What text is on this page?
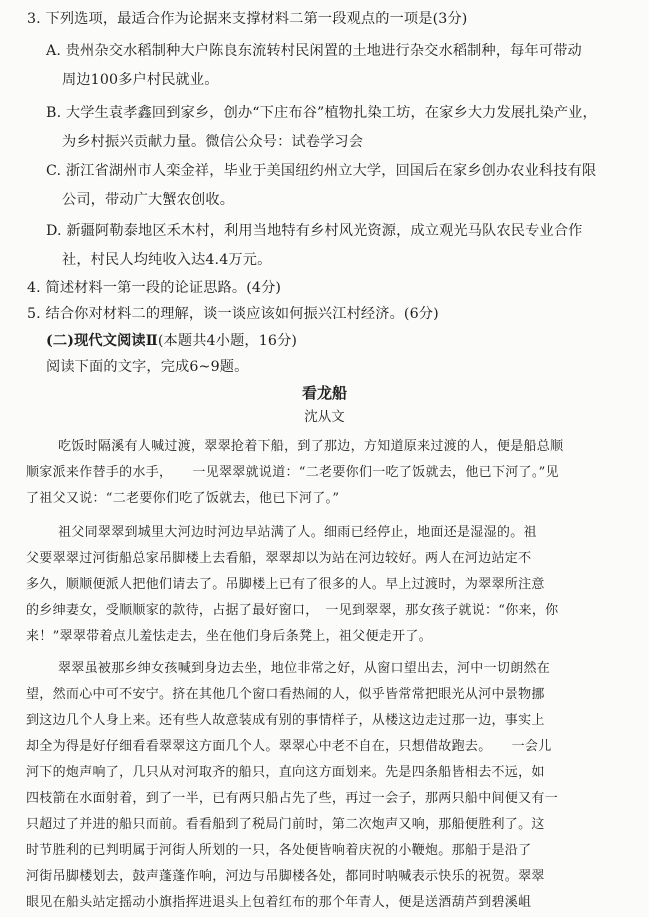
3. 下列选项，最适合作为论据来支撑材料二第一段观点的一项是(3分)
A. 贵州杂交水稻制种大户陈良东流转村民闲置的土地进行杂交水稻制种，每年可带动
周边100多户村民就业。
B. 大学生袁孝鑫回到家乡，创办“下庄布谷”植物扎染工坊，在家乡大力发展扎染产业，
为乡村振兴贡献力量。微信公众号：试卷学习会
C. 浙江省湖州市人栾金祥，毕业于美国纽约州立大学，回国后在家乡创办农业科技有限
公司，带动广大蟹农创收。
D. 新疆阿勒泰地区禾木村，利用当地特有乡村风光资源，成立观光马队农民专业合作
社，村民人均纯收入达4.4万元。
4. 简述材料一第一段的论证思路。(4分)
5. 结合你对材料二的理解，谈一谈应该如何振兴江村经济。(6分)
(二)现代文阅读Ⅱ(本题共4小题，16分)
阅读下面的文字，完成6~9题。
看龙船
沈从文
吃饭时隔溪有人喊过渡，翠翠抢着下船，到了那边，方知道原来过渡的人，便是船总顺
顺家派来作替手的水手，　　一见翠翠就说道：“二老要你们一吃了饭就去，他已下河了。”见
了祖父又说：“二老要你们吃了饭就去，他已下河了。”
祖父同翠翠到城里大河边时河边早站满了人。细雨已经停止，地面还是湿湿的。祖
父要翠翠过河街船总家吊脚楼上去看船，翠翠却以为站在河边较好。两人在河边站定不
多久，顺顺便派人把他们请去了。吊脚楼上已有了很多的人。早上过渡时，为翠翠所注意
的乡绅妻女，受顺顺家的款待，占据了最好窗口，　一见到翠翠，那女孩子就说：“你来，你
来！”翠翠带着点儿羞怯走去，坐在他们身后条凳上，祖父便走开了。
翠翠虽被那乡绅女孩喊到身边去坐，地位非常之好，从窗口望出去，河中一切朗然在
望，然而心中可不安宁。挤在其他几个窗口看热闹的人，似乎皆常常把眼光从河中景物挪
到这边几个人身上来。还有些人故意装成有别的事情样子，从楼这边走过那一边，事实上
却全为得是好仔细看看翠翠这方面几个人。翠翠心中老不自在，只想借故跑去。　　一会儿
河下的炮声响了，几只从对河取齐的船只，直向这方面划来。先是四条船皆相去不远，如
四枝箭在水面射着，到了一半，已有两只船占先了些，再过一会子，那两只船中间便又有一
只超过了并进的船只而前。看看船到了税局门前时，第二次炮声又响，那船便胜利了。这
时节胜利的已判明属于河街人所划的一只，各处便皆响着庆祝的小鞭炮。那船于是沿了
河街吊脚楼划去，鼓声蓬蓬作响，河边与吊脚楼各处，都同时呐喊表示快乐的祝贺。翠翠
眼见在船头站定摇动小旗指挥进退头上包着红布的那个年青人，便是送酒葫芦到碧溪岨
